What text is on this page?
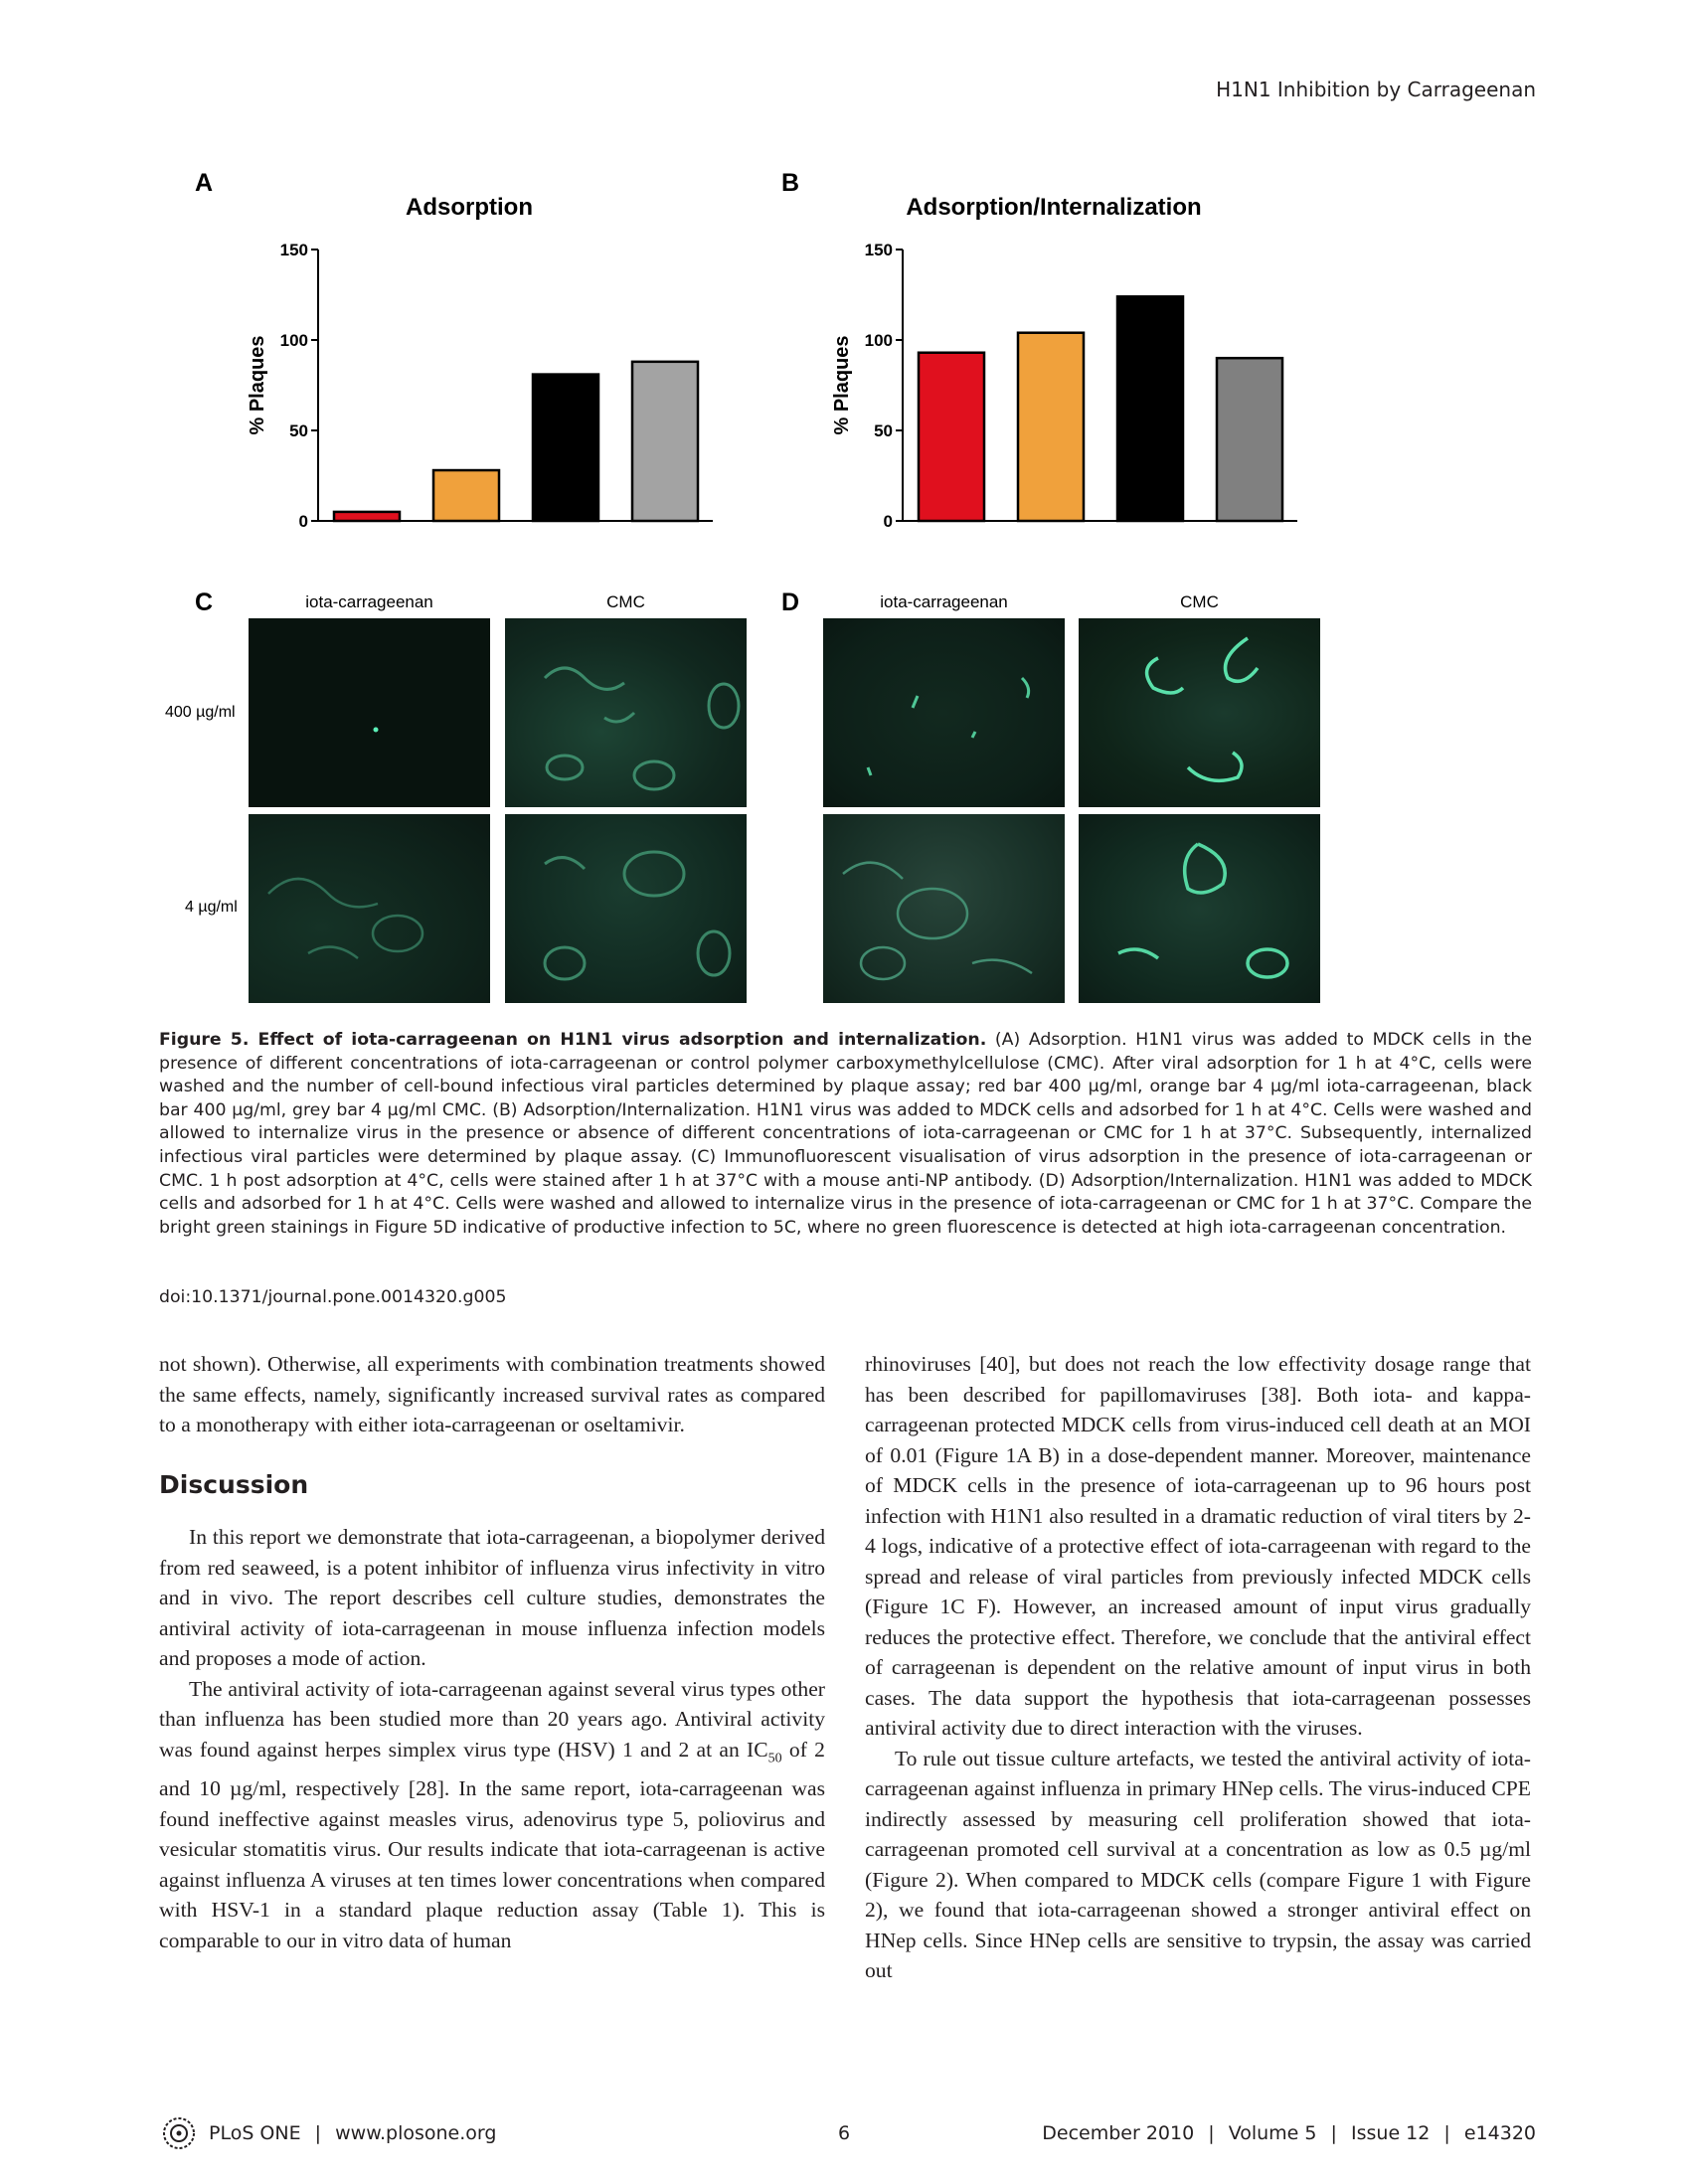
H1N1 Inhibition by Carrageenan
A	B
C	D
Adsorption
% Plaques
0
50
100
150
Adsorption/Internalization
% Plaques
0
50
100
150
iota-carrageenan	CMC	iota-carrageenan	CMC
400 µg/ml
4 µg/ml
Figure 5. Effect of iota-carrageenan on H1N1 virus adsorption and internalization. (A) Adsorption. H1N1 virus was added to MDCK cells in the presence of different concentrations of iota-carrageenan or control polymer carboxymethylcellulose (CMC). After viral adsorption for 1 h at 4°C, cells were washed and the number of cell-bound infectious viral particles determined by plaque assay; red bar 400 µg/ml, orange bar 4 µg/ml iota-carrageenan, black bar 400 µg/ml, grey bar 4 µg/ml CMC. (B) Adsorption/Internalization. H1N1 virus was added to MDCK cells and adsorbed for 1 h at 4°C. Cells were washed and allowed to internalize virus in the presence or absence of different concentrations of iota-carrageenan or CMC for 1 h at 37°C. Subsequently, internalized infectious viral particles were determined by plaque assay. (C) Immunofluorescent visualisation of virus adsorption in the presence of iota-carrageenan or CMC. 1 h post adsorption at 4°C, cells were stained after 1 h at 37°C with a mouse anti-NP antibody. (D) Adsorption/Internalization. H1N1 was added to MDCK cells and adsorbed for 1 h at 4°C. Cells were washed and allowed to internalize virus in the presence of iota-carrageenan or CMC for 1 h at 37°C. Compare the bright green stainings in Figure 5D indicative of productive infection to 5C, where no green fluorescence is detected at high iota-carrageenan concentration.
doi:10.1371/journal.pone.0014320.g005

not shown). Otherwise, all experiments with combination treatments showed the same effects, namely, significantly increased survival rates as compared to a monotherapy with either iota-carrageenan or oseltamivir.

Discussion

In this report we demonstrate that iota-carrageenan, a biopolymer derived from red seaweed, is a potent inhibitor of influenza virus infectivity in vitro and in vivo. The report describes cell culture studies, demonstrates the antiviral activity of iota-carrageenan in mouse influenza infection models and proposes a mode of action.

The antiviral activity of iota-carrageenan against several virus types other than influenza has been studied more than 20 years ago. Antiviral activity was found against herpes simplex virus type (HSV) 1 and 2 at an $IC_{50}$ of 2 and 10 µg/ml, respectively [28]. In the same report, iota-carrageenan was found ineffective against measles virus, adenovirus type 5, poliovirus and vesicular stomatitis virus. Our results indicate that iota-carrageenan is active against influenza A viruses at ten times lower concentrations when compared with HSV-1 in a standard plaque reduction assay (Table 1). This is comparable to our in vitro data of human

rhinoviruses [40], but does not reach the low effectivity dosage range that has been described for papillomaviruses [38]. Both iota- and kappa-carrageenan protected MDCK cells from virus-induced cell death at an MOI of 0.01 (Figure 1A B) in a dose-dependent manner. Moreover, maintenance of MDCK cells in the presence of iota-carrageenan up to 96 hours post infection with H1N1 also resulted in a dramatic reduction of viral titers by 2-4 logs, indicative of a protective effect of iota-carrageenan with regard to the spread and release of viral particles from previously infected MDCK cells (Figure 1C F). However, an increased amount of input virus gradually reduces the protective effect. Therefore, we conclude that the antiviral effect of carrageenan is dependent on the relative amount of input virus in both cases. The data support the hypothesis that iota-carrageenan possesses antiviral activity due to direct interaction with the viruses.

To rule out tissue culture artefacts, we tested the antiviral activity of iota-carrageenan against influenza in primary HNep cells. The virus-induced CPE indirectly assessed by measuring cell proliferation showed that iota-carrageenan promoted cell survival at a concentration as low as 0.5 µg/ml (Figure 2). When compared to MDCK cells (compare Figure 1 with Figure 2), we found that iota-carrageenan showed a stronger antiviral effect on HNep cells. Since HNep cells are sensitive to trypsin, the assay was carried out

PLoS ONE | www.plosone.org	6	December 2010 | Volume 5 | Issue 12 | e14320
